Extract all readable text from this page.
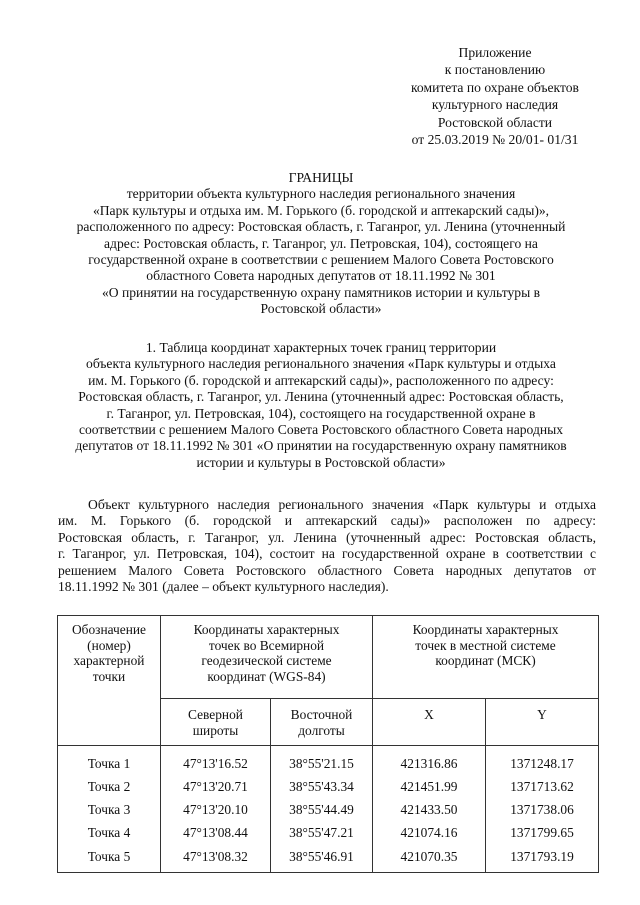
Приложение
к постановлению
комитета по охране объектов
культурного наследия
Ростовской области
от 25.03.2019 № 20/01- 01/31
ГРАНИЦЫ
территории объекта культурного наследия регионального значения
«Парк культуры и отдыха им. М. Горького (б. городской и аптекарский сады)»,
расположенного по адресу: Ростовская область, г. Таганрог, ул. Ленина (уточненный
адрес: Ростовская область, г. Таганрог, ул. Петровская, 104), состоящего на
государственной охране в соответствии с решением Малого Совета Ростовского
областного Совета народных депутатов от 18.11.1992 № 301
«О принятии на государственную охрану памятников истории и культуры в
Ростовской области»
1. Таблица координат характерных точек границ территории
объекта культурного наследия регионального значения «Парк культуры и отдыха
им. М. Горького (б. городской и аптекарский сады)», расположенного по адресу:
Ростовская область, г. Таганрог, ул. Ленина (уточненный адрес: Ростовская область,
г. Таганрог, ул. Петровская, 104), состоящего на государственной охране в
соответствии с решением Малого Совета Ростовского областного Совета народных
депутатов от 18.11.1992 № 301 «О принятии на государственную охрану памятников
истории и культуры в Ростовской области»
Объект культурного наследия регионального значения «Парк культуры и отдыха
им. М. Горького (б. городской и аптекарский сады)» расположен по адресу:
Ростовская область, г. Таганрог, ул. Ленина (уточненный адрес: Ростовская область,
г. Таганрог, ул. Петровская, 104), состоит на государственной охране в соответствии с
решением Малого Совета Ростовского областного Совета народных депутатов от
18.11.1992 № 301 (далее – объект культурного наследия).
Обозначение (номер) характерной точки	Координаты характерных точек во Всемирной геодезической системе координат (WGS-84)		Координаты характерных точек в местной системе координат (МСК)	
	Северной широты	Восточной долготы	X	Y
Точка 1	47°13'16.52	38°55'21.15	421316.86	1371248.17
Точка 2	47°13'20.71	38°55'43.34	421451.99	1371713.62
Точка 3	47°13'20.10	38°55'44.49	421433.50	1371738.06
Точка 4	47°13'08.44	38°55'47.21	421074.16	1371799.65
Точка 5	47°13'08.32	38°55'46.91	421070.35	1371793.19
